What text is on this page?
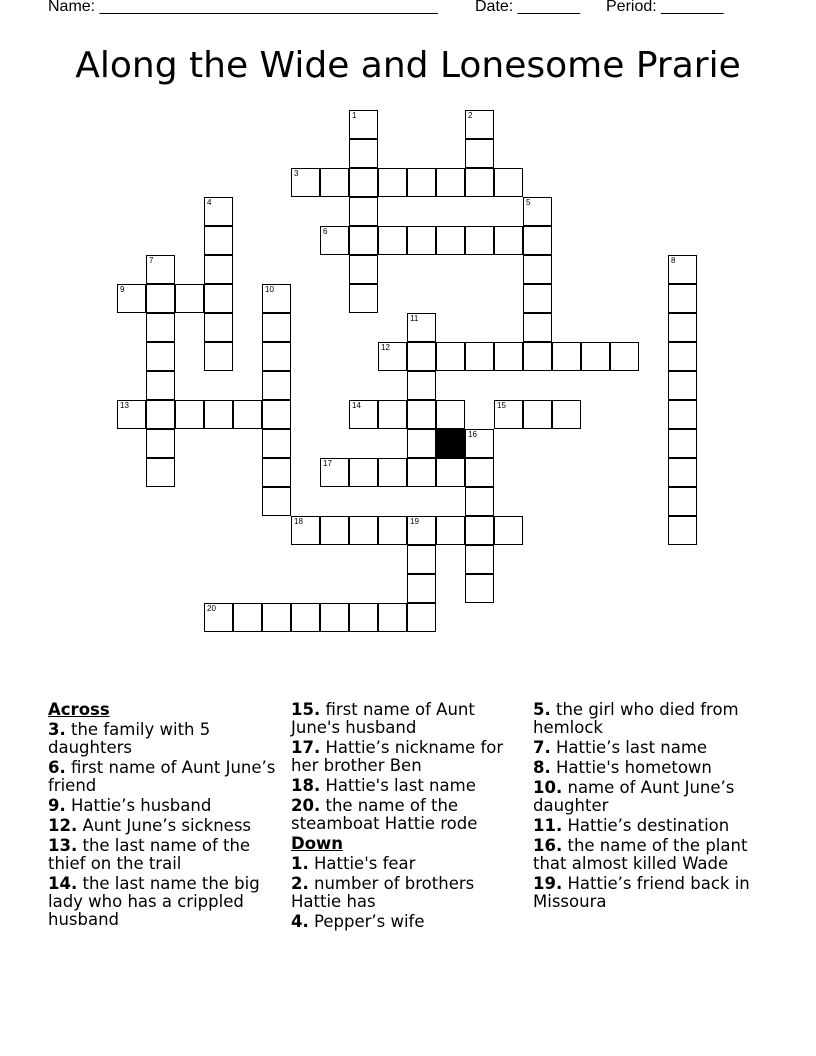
Name: ______________________________________ Date: _______ Period: _______
Along the Wide and Lonesome Prarie
1	2
3
4	5
6
7	8
9	10
11
12
13	14	15
16
17
18	19
20
Across
3. the family with 5 daughters
6. first name of Aunt June’s friend
9. Hattie’s husband
12. Aunt June’s sickness
13. the last name of the thief on the trail
14. the last name the big lady who has a crippled husband
15. first name of Aunt June's husband
17. Hattie’s nickname for her brother Ben
18. Hattie's last name
20. the name of the steamboat Hattie rode
Down
1. Hattie's fear
2. number of brothers Hattie has
4. Pepper’s wife
5. the girl who died from hemlock
7. Hattie’s last name
8. Hattie's hometown
10. name of Aunt June’s daughter
11. Hattie’s destination
16. the name of the plant that almost killed Wade
19. Hattie’s friend back in Missoura
